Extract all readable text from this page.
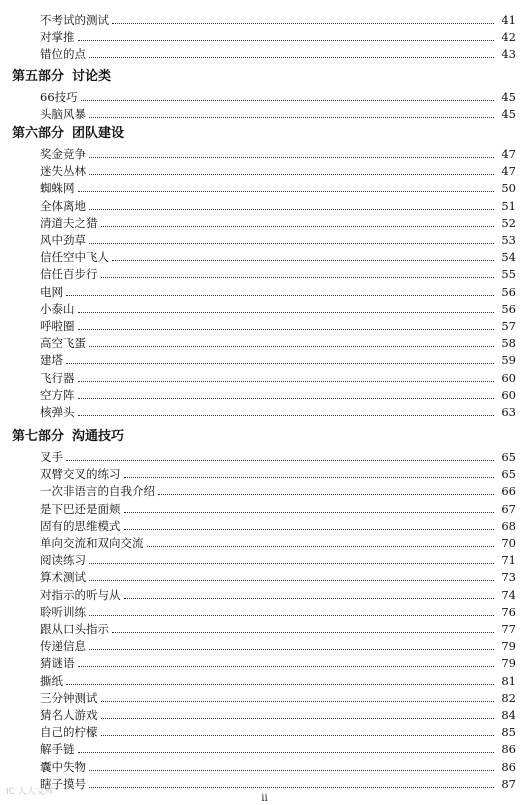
不考试的测试	41
对掌推	42
错位的点	43
第五部分 讨论类
66技巧	45
头脑风暴	45
第六部分 团队建设
奖金竞争	47
迷失丛林	47
蜘蛛网	50
全体离地	51
清道夫之猎	52
风中劲草	53
信任空中飞人	54
信任百步行	55
电网	56
小泰山	56
呼啦圈	57
高空飞蛋	58
建塔	59
飞行器	60
空方阵	60
核弹头	63
第七部分 沟通技巧
叉手	65
双臂交叉的练习	65
一次非语言的自我介绍	66
是下巴还是面颊	67
固有的思维模式	68
单向交流和双向交流	70
阅读练习	71
算术测试	73
对指示的听与从	74
聆听训练	76
跟从口头指示	77
传递信息	79
猜谜语	79
撕纸	81
三分钟测试	82
猜名人游戏	84
自己的柠檬	85
解手链	86
囊中失物	86
瞎子摸号	87
ii
IC 人人文库
